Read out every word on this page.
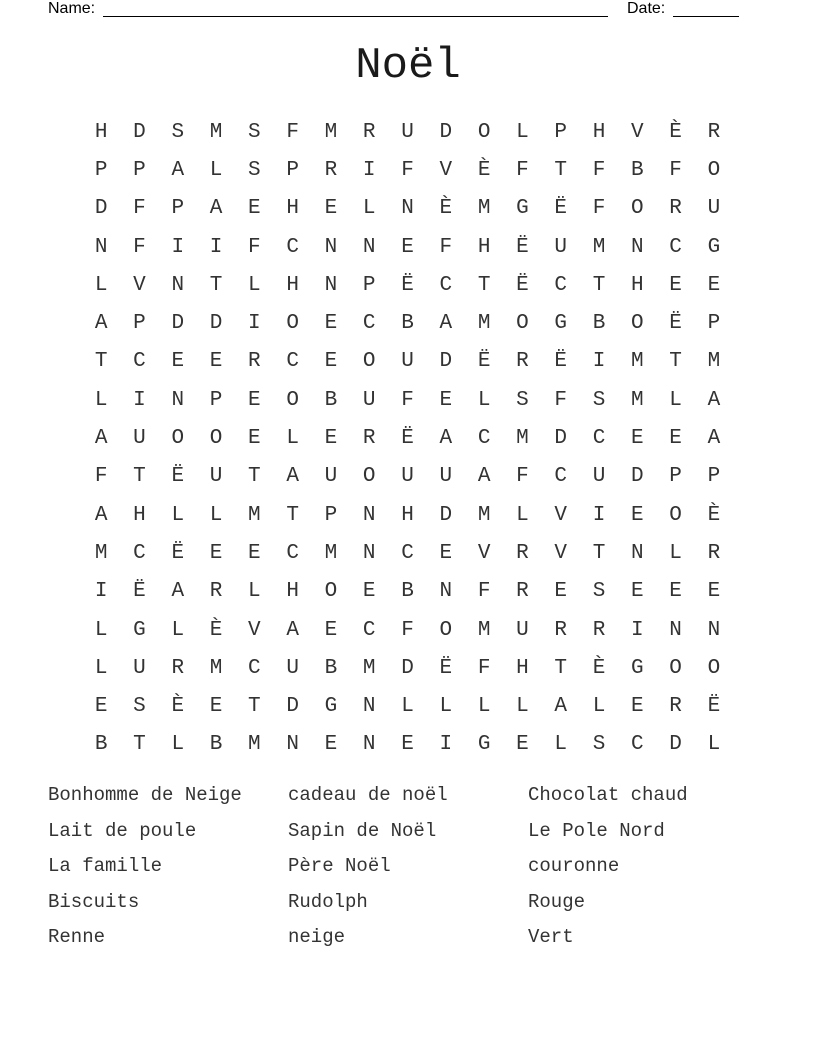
Name:	Date:
Noël
H	D	S	M	S	F	M	R	U	D	O	L	P	H	V	È	R
P	P	A	L	S	P	R	I	F	V	È	F	T	F	B	F	O
D	F	P	A	E	H	E	L	N	È	M	G	Ë	F	O	R	U
N	F	I	I	F	C	N	N	E	F	H	Ë	U	M	N	C	G
L	V	N	T	L	H	N	P	Ë	C	T	Ë	C	T	H	E	E
A	P	D	D	I	O	E	C	B	A	M	O	G	B	O	Ë	P
T	C	E	E	R	C	E	O	U	D	Ë	R	Ë	I	M	T	M
L	I	N	P	E	O	B	U	F	E	L	S	F	S	M	L	A
A	U	O	O	E	L	E	R	Ë	A	C	M	D	C	E	E	A
F	T	Ë	U	T	A	U	O	U	U	A	F	C	U	D	P	P
A	H	L	L	M	T	P	N	H	D	M	L	V	I	E	O	È
M	C	Ë	E	E	C	M	N	C	E	V	R	V	T	N	L	R
I	Ë	A	R	L	H	O	E	B	N	F	R	E	S	E	E	E
L	G	L	È	V	A	E	C	F	O	M	U	R	R	I	N	N
L	U	R	M	C	U	B	M	D	Ë	F	H	T	È	G	O	O
E	S	È	E	T	D	G	N	L	L	L	L	A	L	E	R	Ë
B	T	L	B	M	N	E	N	E	I	G	E	L	S	C	D	L
Bonhomme de Neige	cadeau de noël	Chocolat chaud
Lait de poule	Sapin de Noël	Le Pole Nord
La famille	Père Noël	couronne
Biscuits	Rudolph	Rouge
Renne	neige	Vert
